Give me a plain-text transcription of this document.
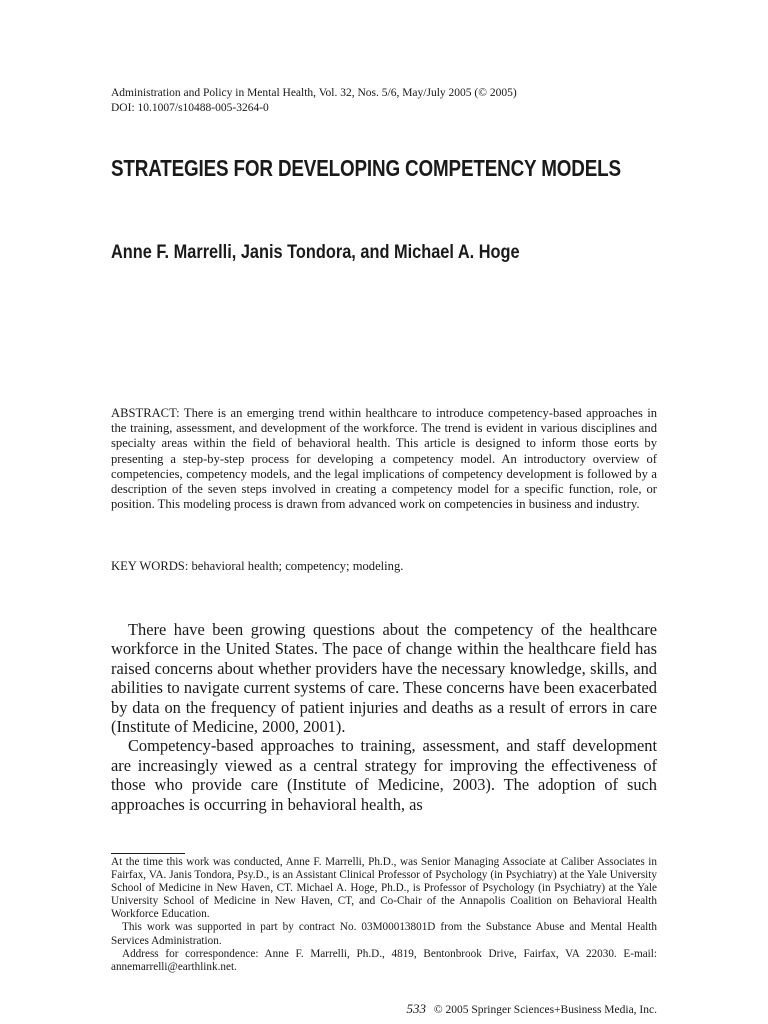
Administration and Policy in Mental Health, Vol. 32, Nos. 5/6, May/July 2005 (© 2005)
DOI: 10.1007/s10488-005-3264-0
STRATEGIES FOR DEVELOPING COMPETENCY MODELS
Anne F. Marrelli, Janis Tondora, and Michael A. Hoge
ABSTRACT: There is an emerging trend within healthcare to introduce competency-based approaches in the training, assessment, and development of the workforce. The trend is evident in various disciplines and specialty areas within the field of behavioral health. This article is designed to inform those eorts by presenting a step-by-step process for developing a competency model. An introductory overview of competencies, competency models, and the legal implications of competency development is followed by a description of the seven steps involved in creating a competency model for a specific function, role, or position. This modeling process is drawn from advanced work on competencies in business and industry.
KEY WORDS: behavioral health; competency; modeling.

There have been growing questions about the competency of the healthcare workforce in the United States. The pace of change within the healthcare field has raised concerns about whether providers have the necessary knowledge, skills, and abilities to navigate current systems of care. These concerns have been exacerbated by data on the frequency of patient injuries and deaths as a result of errors in care (Institute of Medicine, 2000, 2001).

Competency-based approaches to training, assessment, and staff development are increasingly viewed as a central strategy for improving the effectiveness of those who provide care (Institute of Medicine, 2003). The adoption of such approaches is occurring in behavioral health, as

At the time this work was conducted, Anne F. Marrelli, Ph.D., was Senior Managing Associate at Caliber Associates in Fairfax, VA. Janis Tondora, Psy.D., is an Assistant Clinical Professor of Psychology (in Psychiatry) at the Yale University School of Medicine in New Haven, CT. Michael A. Hoge, Ph.D., is Professor of Psychology (in Psychiatry) at the Yale University School of Medicine in New Haven, CT, and Co-Chair of the Annapolis Coalition on Behavioral Health Workforce Education.

This work was supported in part by contract No. 03M00013801D from the Substance Abuse and Mental Health Services Administration.

Address for correspondence: Anne F. Marrelli, Ph.D., 4819, Bentonbrook Drive, Fairfax, VA 22030. E-mail: annemarrelli@earthlink.net.

533 © 2005 Springer Sciences+Business Media, Inc.
